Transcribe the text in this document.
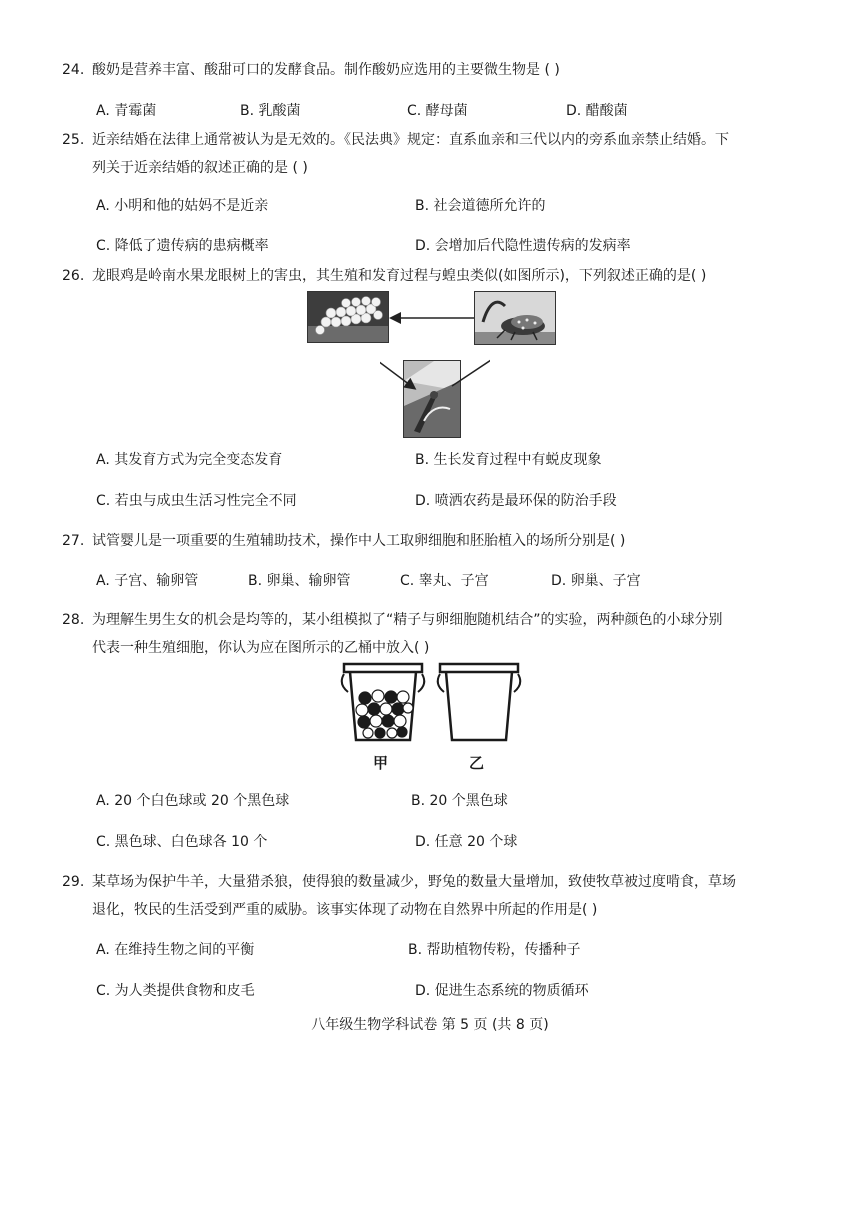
24. 酸奶是营养丰富、酸甜可口的发酵食品。制作酸奶应选用的主要微生物是 ( )
A. 青霉菌	B. 乳酸菌	C. 酵母菌	D. 醋酸菌
25. 近亲结婚在法律上通常被认为是无效的。《民法典》规定：直系血亲和三代以内的旁系血亲禁止结婚。下
列关于近亲结婚的叙述正确的是 ( )
A. 小明和他的姑妈不是近亲	B. 社会道德所允许的
C. 降低了遗传病的患病概率	D. 会增加后代隐性遗传病的发病率
26. 龙眼鸡是岭南水果龙眼树上的害虫，其生殖和发育过程与蝗虫类似(如图所示)，下列叙述正确的是( )
A. 其发育方式为完全变态发育	B. 生长发育过程中有蜕皮现象
C. 若虫与成虫生活习性完全不同	D. 喷洒农药是最环保的防治手段
27. 试管婴儿是一项重要的生殖辅助技术，操作中人工取卵细胞和胚胎植入的场所分别是( )
A. 子宫、输卵管	B. 卵巢、输卵管	C. 睾丸、子宫	D. 卵巢、子宫
28. 为理解生男生女的机会是均等的，某小组模拟了“精子与卵细胞随机结合”的实验，两种颜色的小球分别
代表一种生殖细胞，你认为应在图所示的乙桶中放入( )
甲	乙
A. 20 个白色球或 20 个黑色球	B. 20 个黑色球
C. 黑色球、白色球各 10 个	D. 任意 20 个球
29. 某草场为保护牛羊，大量猎杀狼，使得狼的数量减少，野兔的数量大量增加，致使牧草被过度啃食，草场
退化，牧民的生活受到严重的威胁。该事实体现了动物在自然界中所起的作用是( )
A. 在维持生物之间的平衡	B. 帮助植物传粉，传播种子
C. 为人类提供食物和皮毛	D. 促进生态系统的物质循环
八年级生物学科试卷 第 5 页 (共 8 页)
